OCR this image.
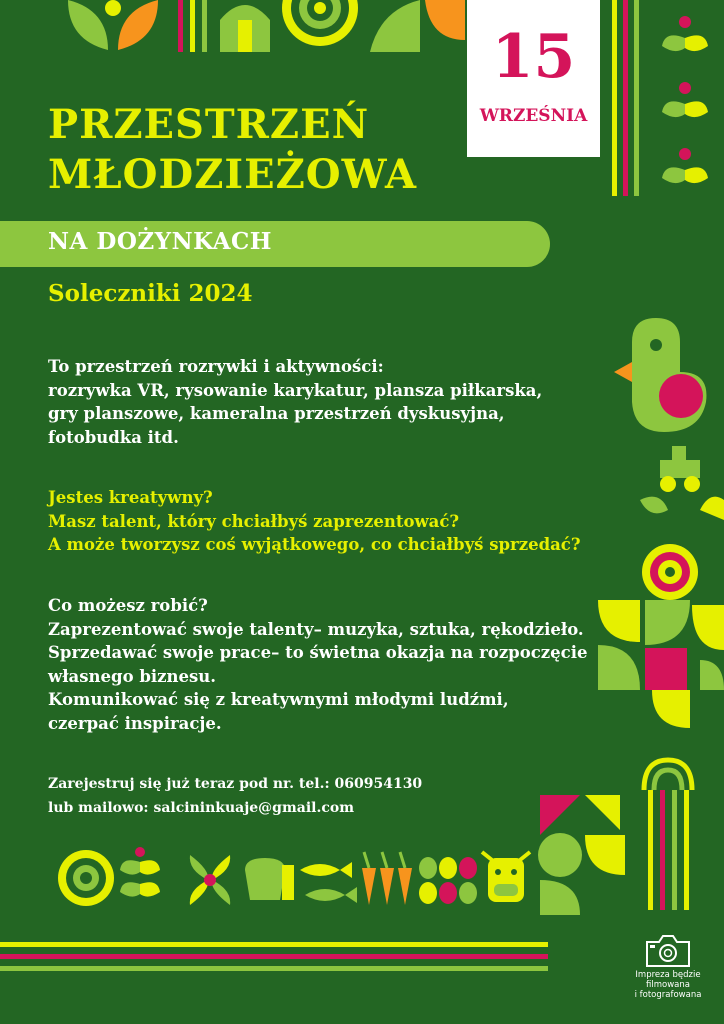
15
WRZEŚNIA
PRZESTRZEŃ
MŁODZIEŻOWA

NA DOŻYNKACH

Soleczniki 2024

To przestrzeń rozrywki i aktywności:
rozrywka VR, rysowanie karykatur, plansza piłkarska,
gry planszowe, kameralna przestrzeń dyskusyjna,
fotobudka itd.

Jestes kreatywny?
Masz talent, który chciałbyś zaprezentować?
A może tworzysz coś wyjątkowego, co chciałbyś sprzedać?

Co możesz robić?
Zaprezentować swoje talenty– muzyka, sztuka, rękodzieło.
Sprzedawać swoje prace– to świetna okazja na rozpoczęcie
własnego biznesu.
Komunikować się z kreatywnymi młodymi ludźmi,
czerpać inspiracje.

Zarejestruj się już teraz pod nr. tel.: 060954130
lub mailowo: salcininkuaje@gmail.com

Impreza będzie
filmowana
i fotografowana
